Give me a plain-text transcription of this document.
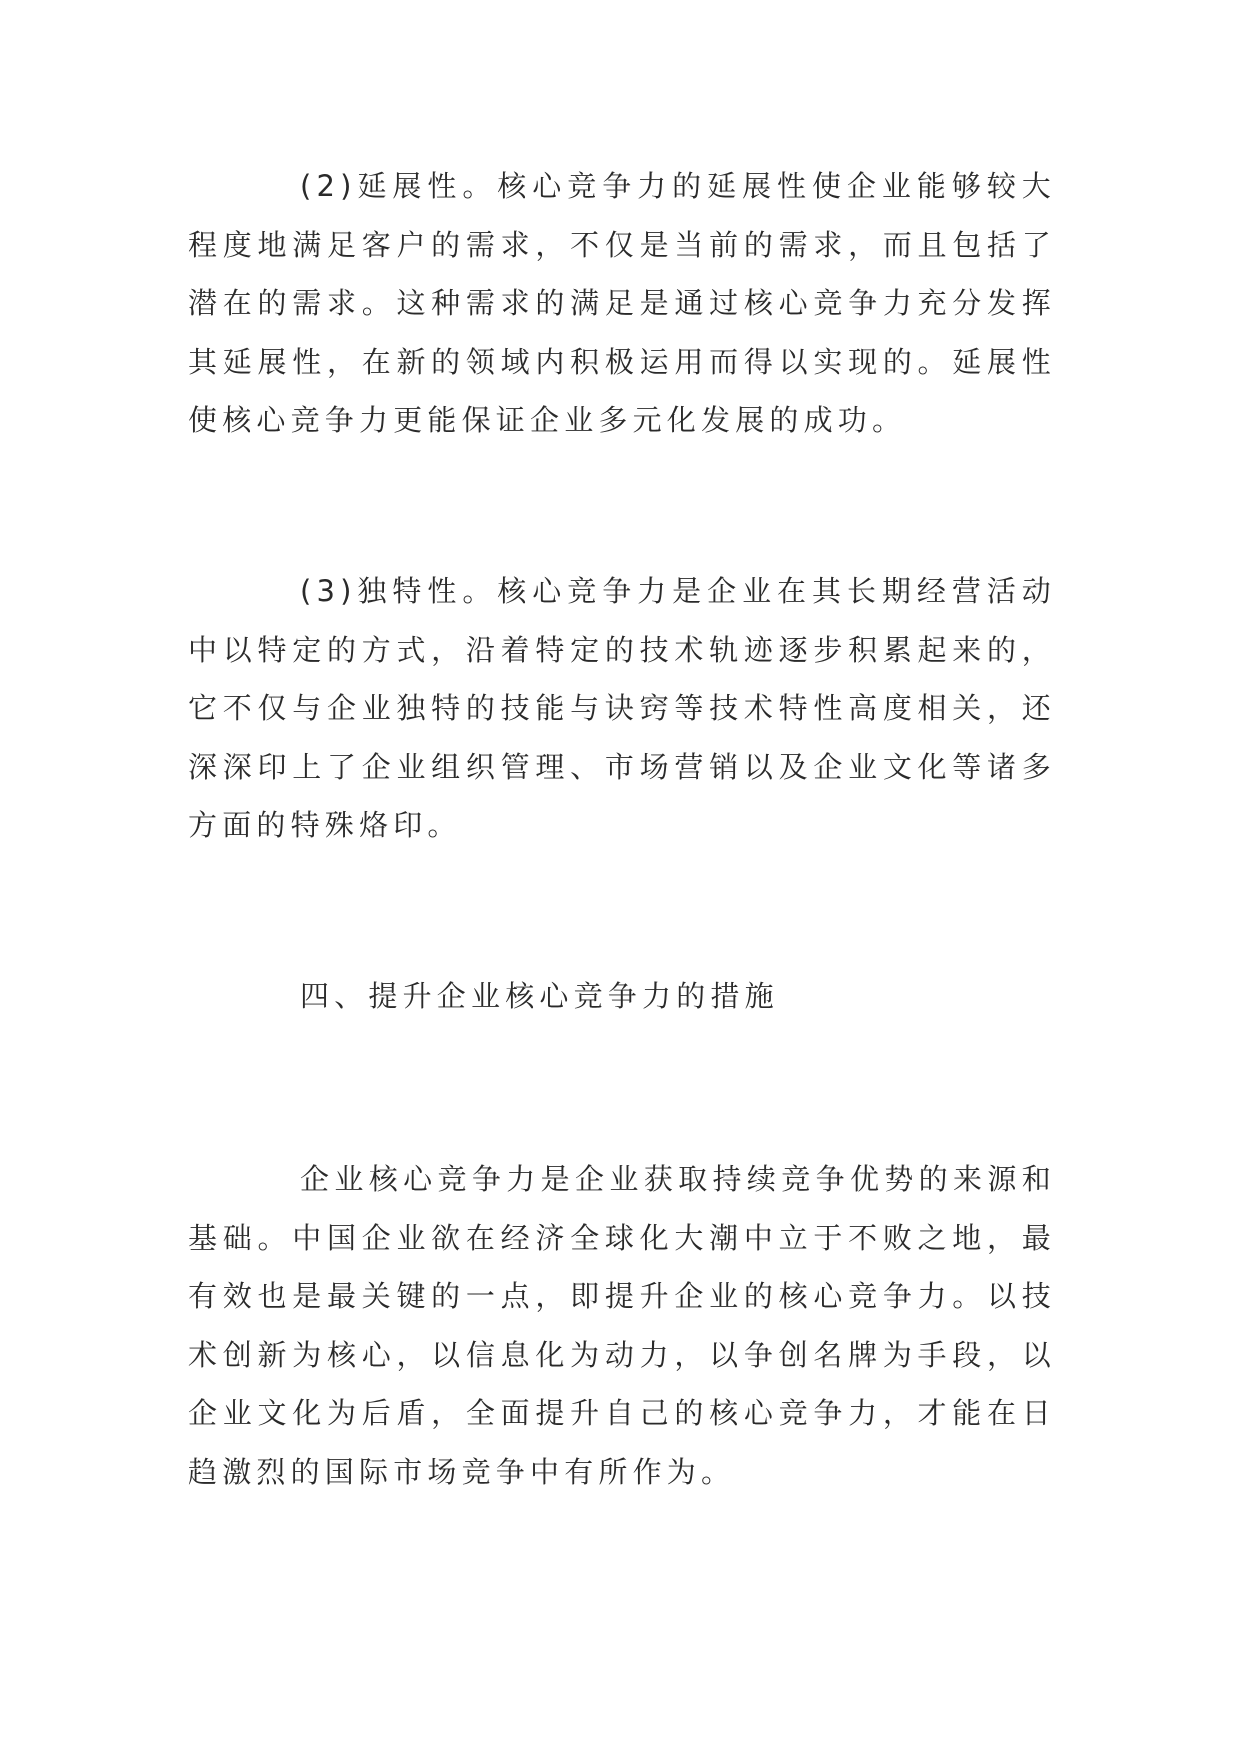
(2)延展性。核心竞争力的延展性使企业能够较大程度地满足客户的需求，不仅是当前的需求，而且包括了潜在的需求。这种需求的满足是通过核心竞争力充分发挥其延展性，在新的领域内积极运用而得以实现的。延展性使核心竞争力更能保证企业多元化发展的成功。

(3)独特性。核心竞争力是企业在其长期经营活动中以特定的方式，沿着特定的技术轨迹逐步积累起来的，它不仅与企业独特的技能与诀窍等技术特性高度相关，还深深印上了企业组织管理、市场营销以及企业文化等诸多方面的特殊烙印。

四、提升企业核心竞争力的措施

企业核心竞争力是企业获取持续竞争优势的来源和基础。中国企业欲在经济全球化大潮中立于不败之地，最有效也是最关键的一点，即提升企业的核心竞争力。以技术创新为核心，以信息化为动力，以争创名牌为手段，以企业文化为后盾，全面提升自己的核心竞争力，才能在日趋激烈的国际市场竞争中有所作为。
